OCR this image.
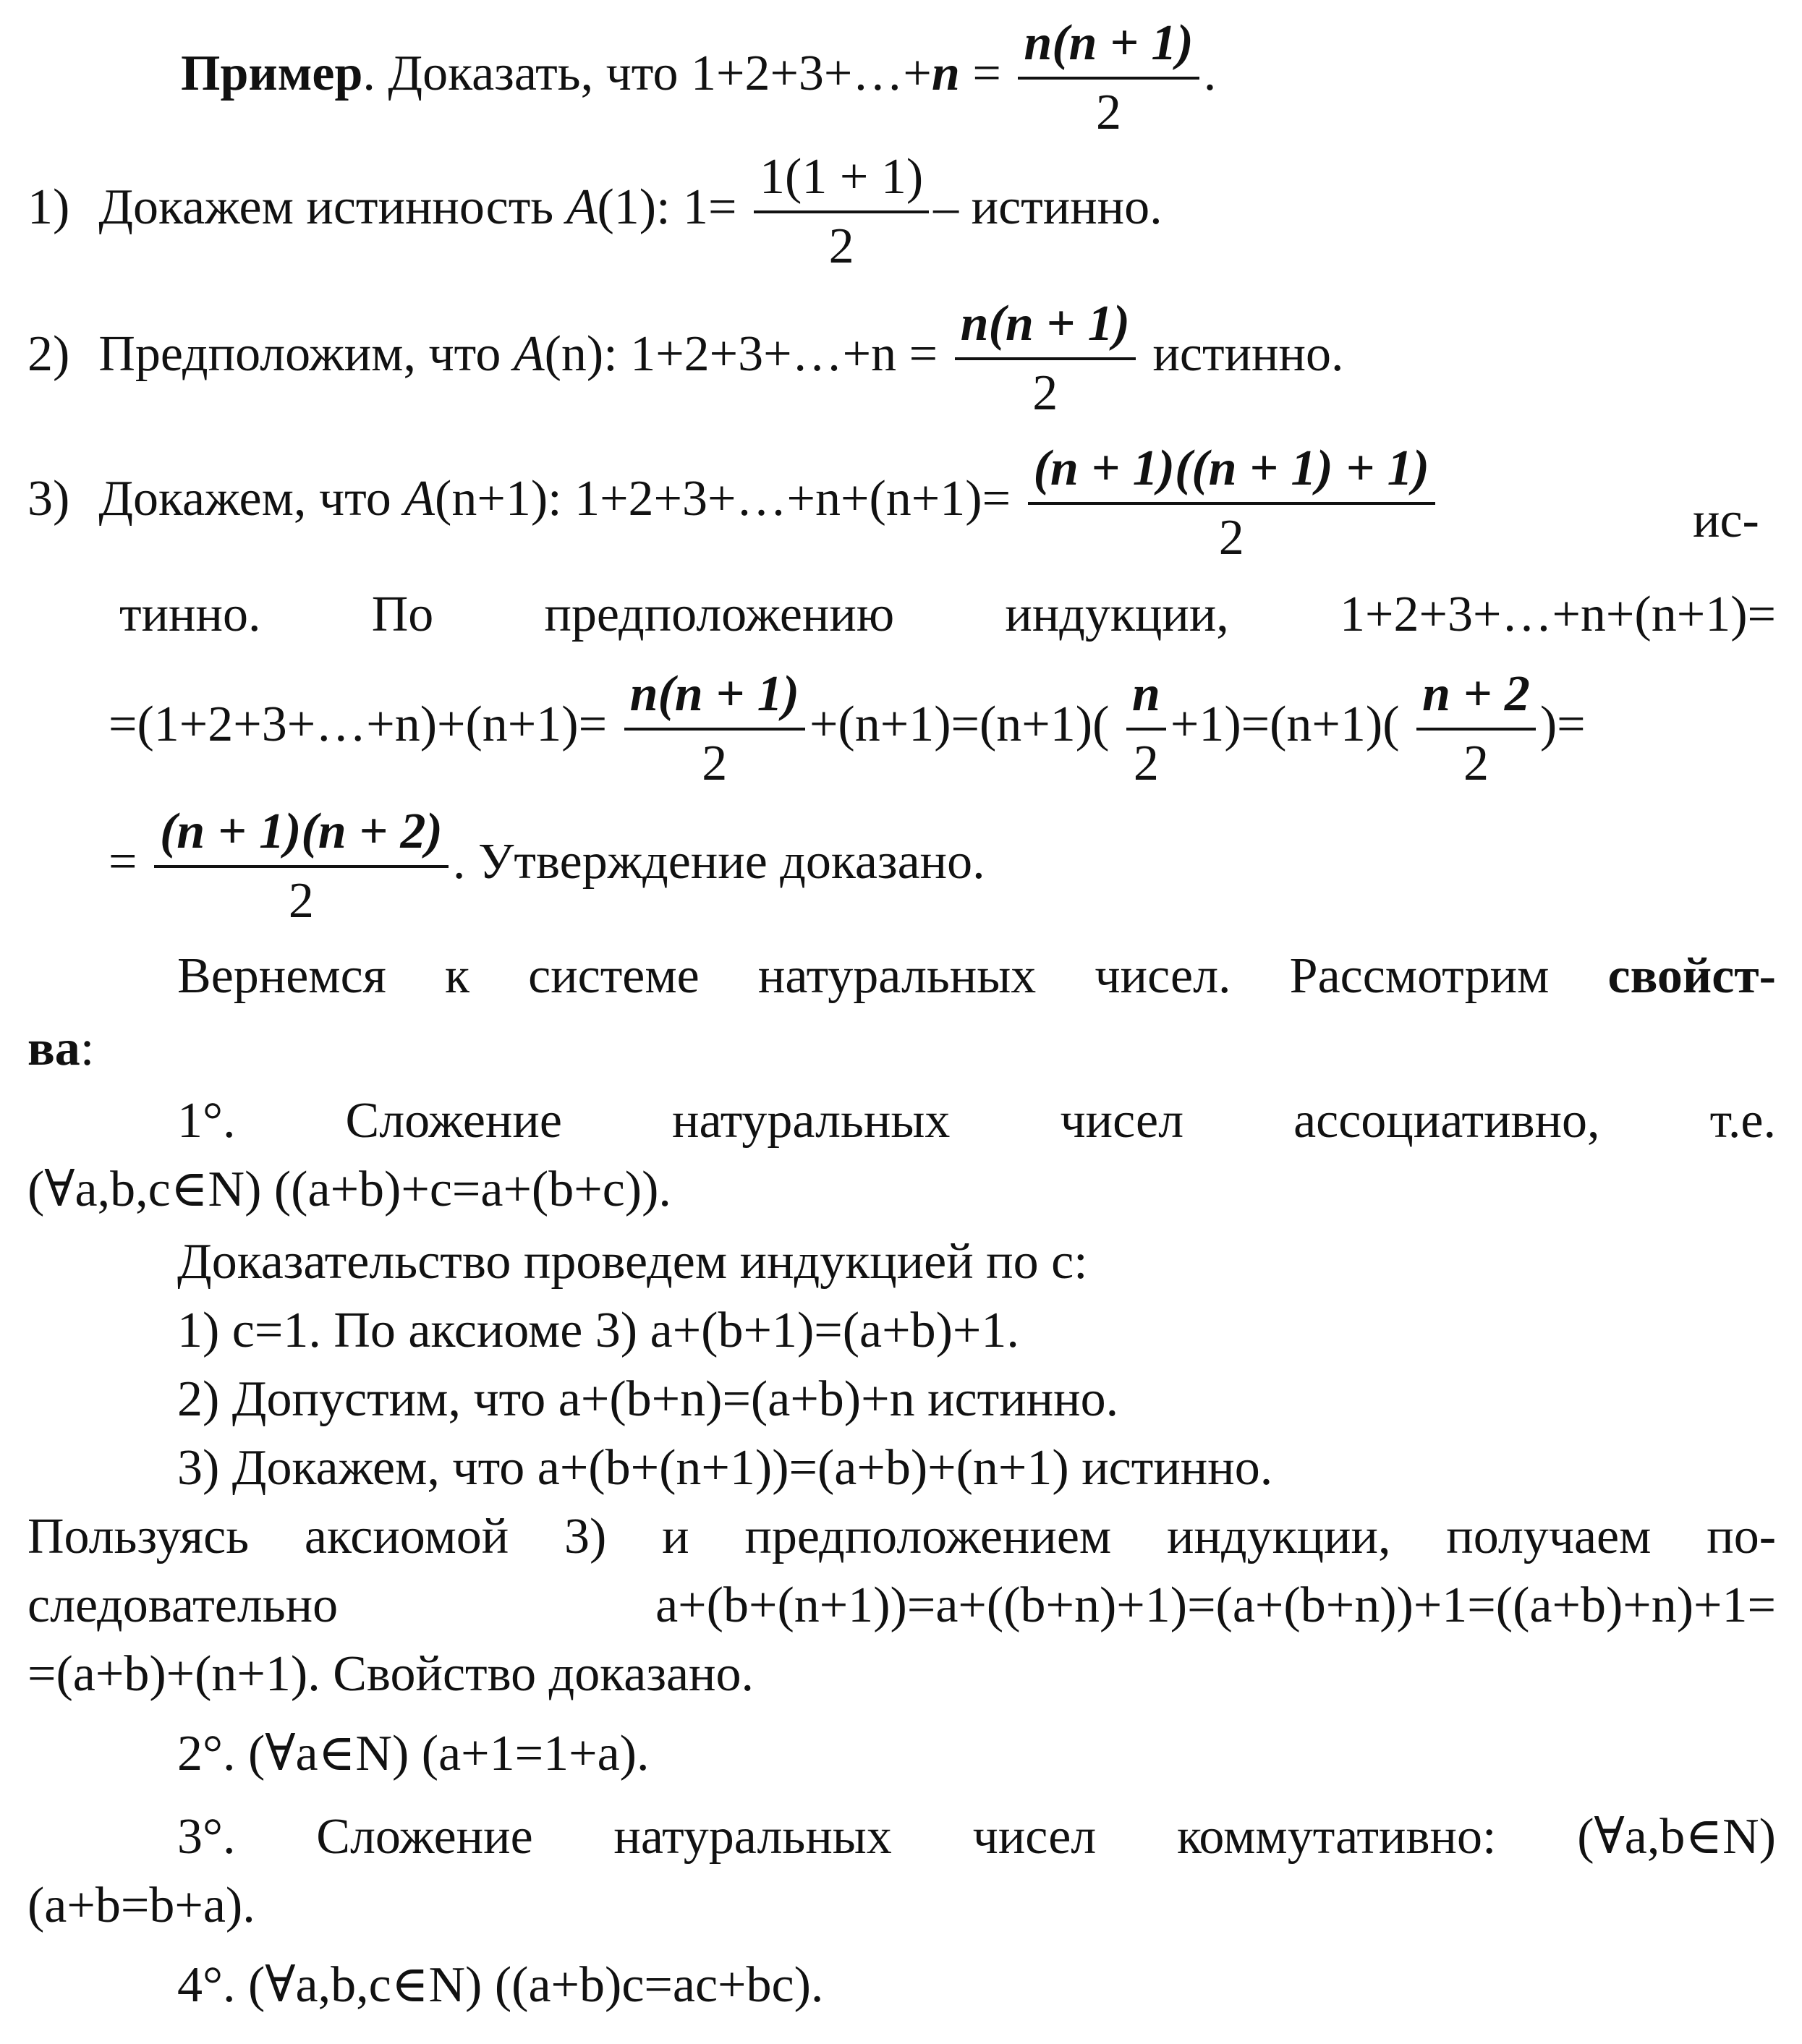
Пример. Доказать, что 1+2+3+…+n = $\frac{n(n + 1)}{2}$ .
1) Докажем истинность A(1): $1= \frac{1(1 + 1)}{2}$ – истинно.
2) Предположим, что A(n): 1+2+3+…+n = $\frac{n(n + 1)}{2}$ истинно.
3) Докажем, что A(n+1): 1+2+3+…+n+(n+1)= $\frac{(n + 1)((n + 1) + 1)}{2}$	ис-
тинно. По предположению индукции, 1+2+3+…+n+(n+1)=
=(1+2+3+…+n)+(n+1)= $\frac{n(n + 1)}{2} +(n+1)=(n+1)( \frac{n}{2} +1)=(n+1)( \frac{n + 2}{2}$ )=
= $\frac{(n + 1)(n + 2)}{2}$ . Утверждение доказано.
Вернемся к системе натуральных чисел. Рассмотрим свойст-
ва:
1°. Сложение натуральных чисел ассоциативно, т.е.
(∀a,b,c∈N) ((a+b)+c=a+(b+c)).
Доказательство проведем индукцией по c:
1) c=1. По аксиоме 3) a+(b+1)=(a+b)+1.
2) Допустим, что a+(b+n)=(a+b)+n истинно.
3) Докажем, что a+(b+(n+1))=(a+b)+(n+1) истинно.
Пользуясь аксиомой 3) и предположением индукции, получаем по-
следовательно a+(b+(n+1))=a+((b+n)+1)=(a+(b+n))+1=((a+b)+n)+1=
=(a+b)+(n+1). Свойство доказано.
2°. (∀a∈N) (a+1=1+a).
3°. Сложение натуральных чисел коммутативно: (∀a,b∈N)
(a+b=b+a).
4°. (∀a,b,c∈N) ((a+b)c=ac+bc).
